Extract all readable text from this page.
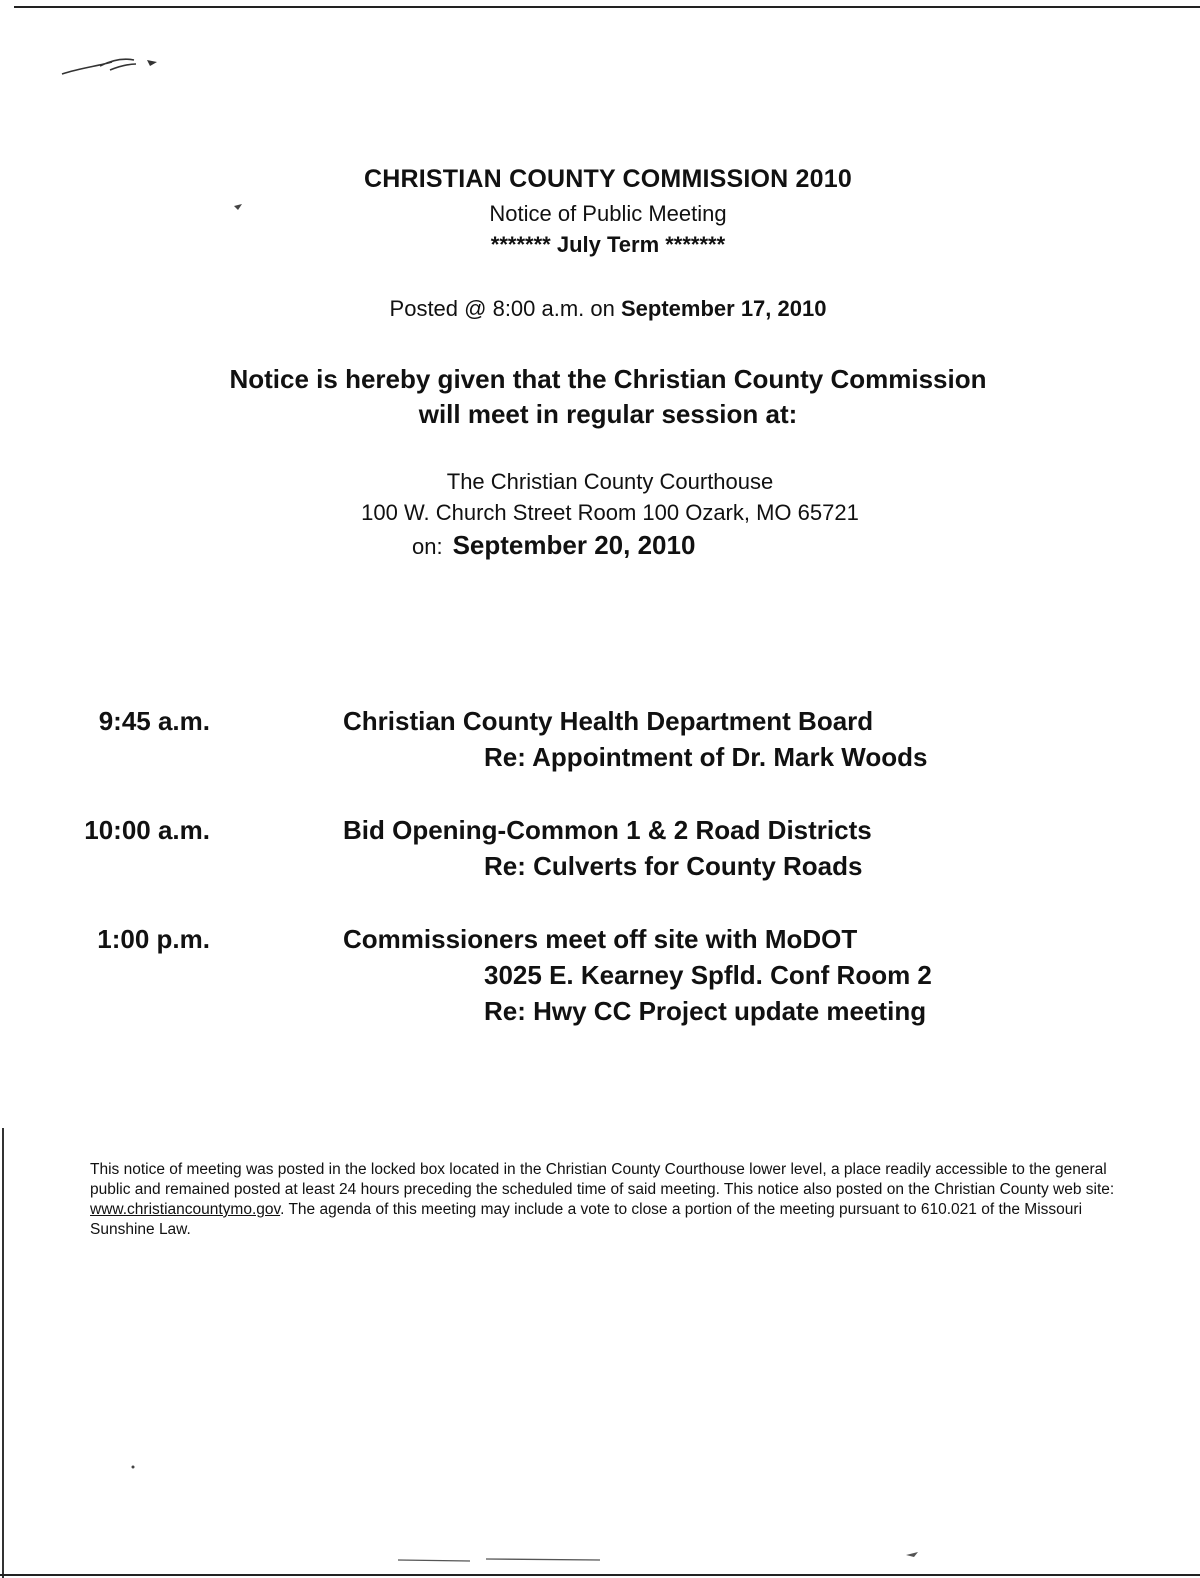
CHRISTIAN COUNTY COMMISSION 2010
Notice of Public Meeting
******* July Term *******
Posted @ 8:00 a.m. on September 17, 2010
Notice is hereby given that the Christian County Commission
will meet in regular session at:
The Christian County Courthouse
100 W. Church Street Room 100 Ozark, MO 65721
on: September 20, 2010
9:45 a.m.	Christian County Health Department Board
Re: Appointment of Dr. Mark Woods
10:00 a.m.	Bid Opening-Common 1 & 2 Road Districts
Re: Culverts for County Roads
1:00 p.m.	Commissioners meet off site with MoDOT
3025 E. Kearney Spfld. Conf Room 2
Re: Hwy CC Project update meeting
This notice of meeting was posted in the locked box located in the Christian County Courthouse lower level, a place readily accessible to the general public and remained posted at least 24 hours preceding the scheduled time of said meeting. This notice also posted on the Christian County web site: www.christiancountymo.gov. The agenda of this meeting may include a vote to close a portion of the meeting pursuant to 610.021 of the Missouri Sunshine Law.
